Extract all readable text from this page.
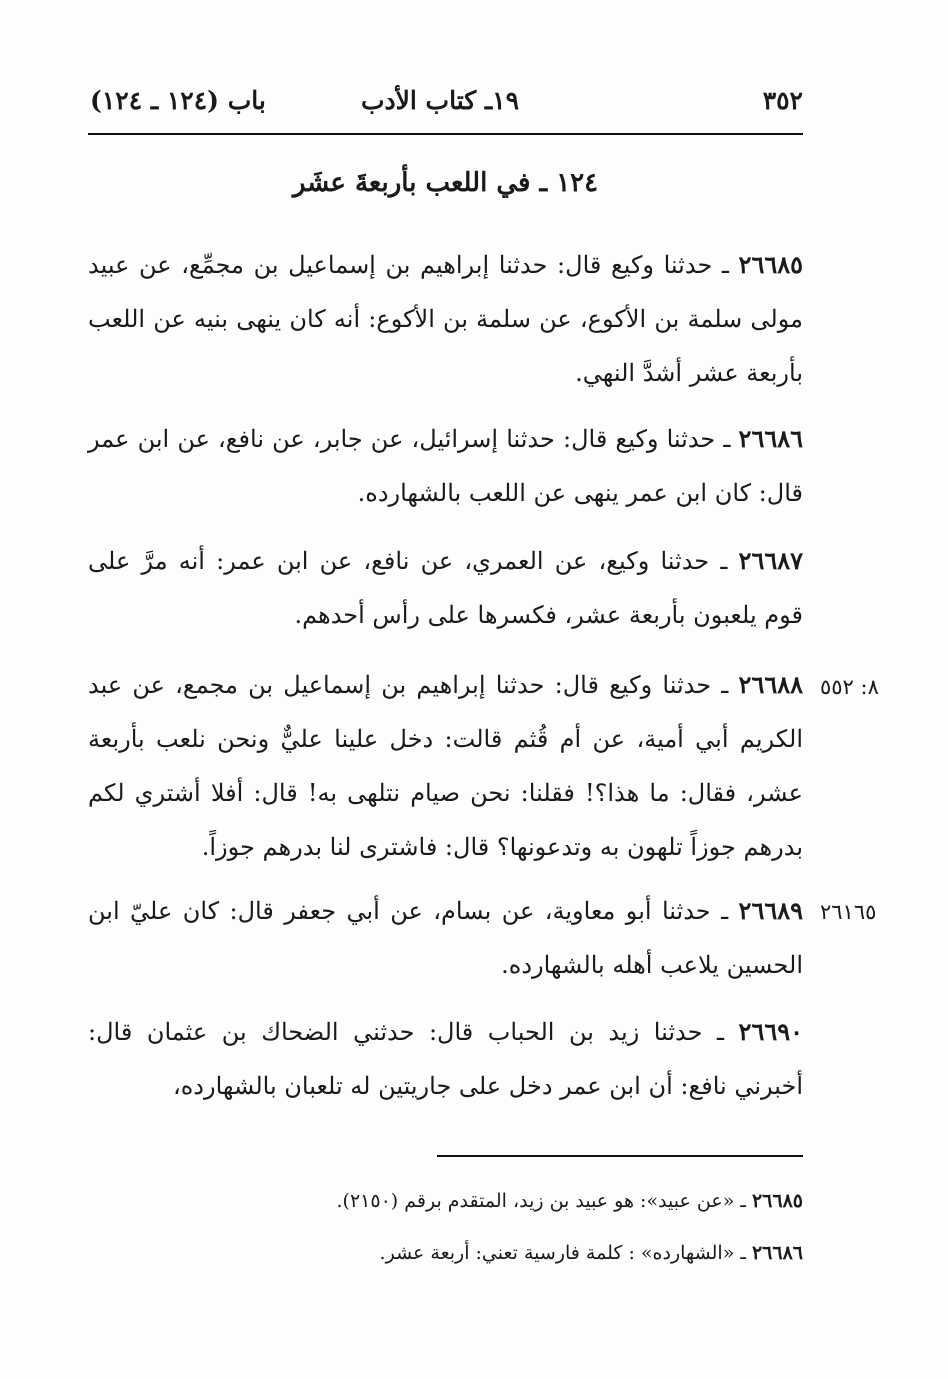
٣٥٢
١٩ـ كتاب الأدب
باب (١٢٤ ـ ١٢٤)
١٢٤ ـ في اللعب بأربعةَ عشَر
٢٦٦٨٥ ـ حدثنا وكيع قال: حدثنا إبراهيم بن إسماعيل بن مجمِّع، عن عبيد مولى سلمة بن الأكوع، عن سلمة بن الأكوع: أنه كان ينهى بنيه عن اللعب بأربعة عشر أشدَّ النهي.
٢٦٦٨٦ ـ حدثنا وكيع قال: حدثنا إسرائيل، عن جابر، عن نافع، عن ابن عمر قال: كان ابن عمر ينهى عن اللعب بالشهارده.
٢٦٦٨٧ ـ حدثنا وكيع، عن العمري، عن نافع، عن ابن عمر: أنه مرَّ على قوم يلعبون بأربعة عشر، فكسرها على رأس أحدهم.
٢٦٦٨٨ ـ حدثنا وكيع قال: حدثنا إبراهيم بن إسماعيل بن مجمع، عن عبد الكريم أبي أمية، عن أم قُثم قالت: دخل علينا عليٌّ ونحن نلعب بأربعة عشر، فقال: ما هذا؟! فقلنا: نحن صيام نتلهى به! قال: أفلا أشتري لكم بدرهم جوزاً تلهون به وتدعونها؟ قال: فاشترى لنا بدرهم جوزاً.
٨: ٥٥٢
٢٦٦٨٩ ـ حدثنا أبو معاوية، عن بسام، عن أبي جعفر قال: كان عليّ ابن الحسين يلاعب أهله بالشهارده.
٢٦١٦٥
٢٦٦٩٠ ـ حدثنا زيد بن الحباب قال: حدثني الضحاك بن عثمان قال: أخبرني نافع: أن ابن عمر دخل على جاريتين له تلعبان بالشهارده،
٢٦٦٨٥ ـ «عن عبيد»: هو عبيد بن زيد، المتقدم برقم (٢١٥٠).
٢٦٦٨٦ ـ «الشهارده» : كلمة فارسية تعني: أربعة عشر.
